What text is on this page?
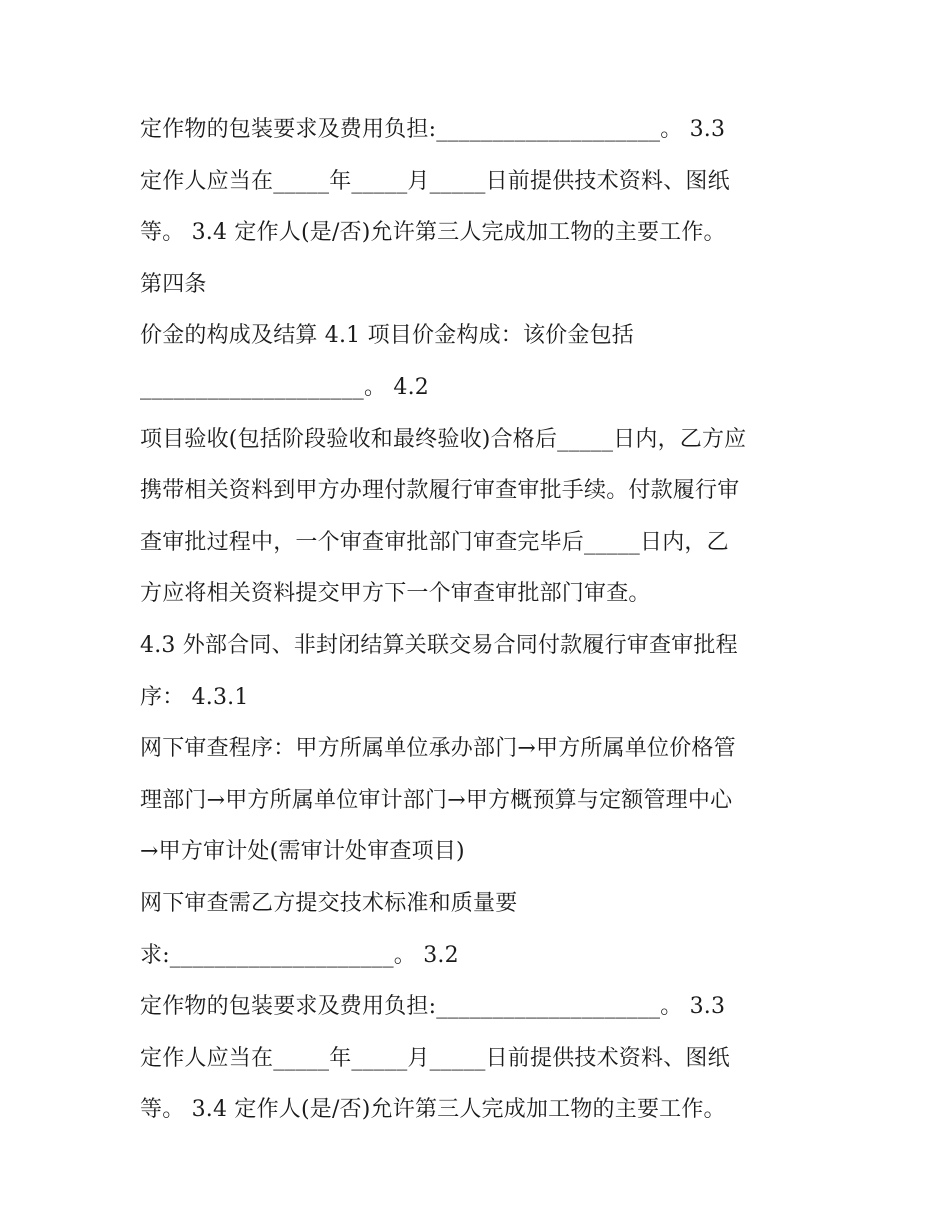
定作物的包装要求及费用负担:____________________。 3.3
定作人应当在_____年_____月_____日前提供技术资料、图纸
等。 3.4 定作人(是/否)允许第三人完成加工物的主要工作。
第四条
价金的构成及结算 4.1 项目价金构成：该价金包括
____________________。 4.2
项目验收(包括阶段验收和最终验收)合格后_____日内，乙方应
携带相关资料到甲方办理付款履行审查审批手续。付款履行审
查审批过程中，一个审查审批部门审查完毕后_____日内，乙
方应将相关资料提交甲方下一个审查审批部门审查。
4.3 外部合同、非封闭结算关联交易合同付款履行审查审批程
序： 4.3.1
网下审查程序：甲方所属单位承办部门→甲方所属单位价格管
理部门→甲方所属单位审计部门→甲方概预算与定额管理中心
→甲方审计处(需审计处审查项目)
网下审查需乙方提交技术标准和质量要
求:____________________。 3.2
定作物的包装要求及费用负担:____________________。 3.3
定作人应当在_____年_____月_____日前提供技术资料、图纸
等。 3.4 定作人(是/否)允许第三人完成加工物的主要工作。
